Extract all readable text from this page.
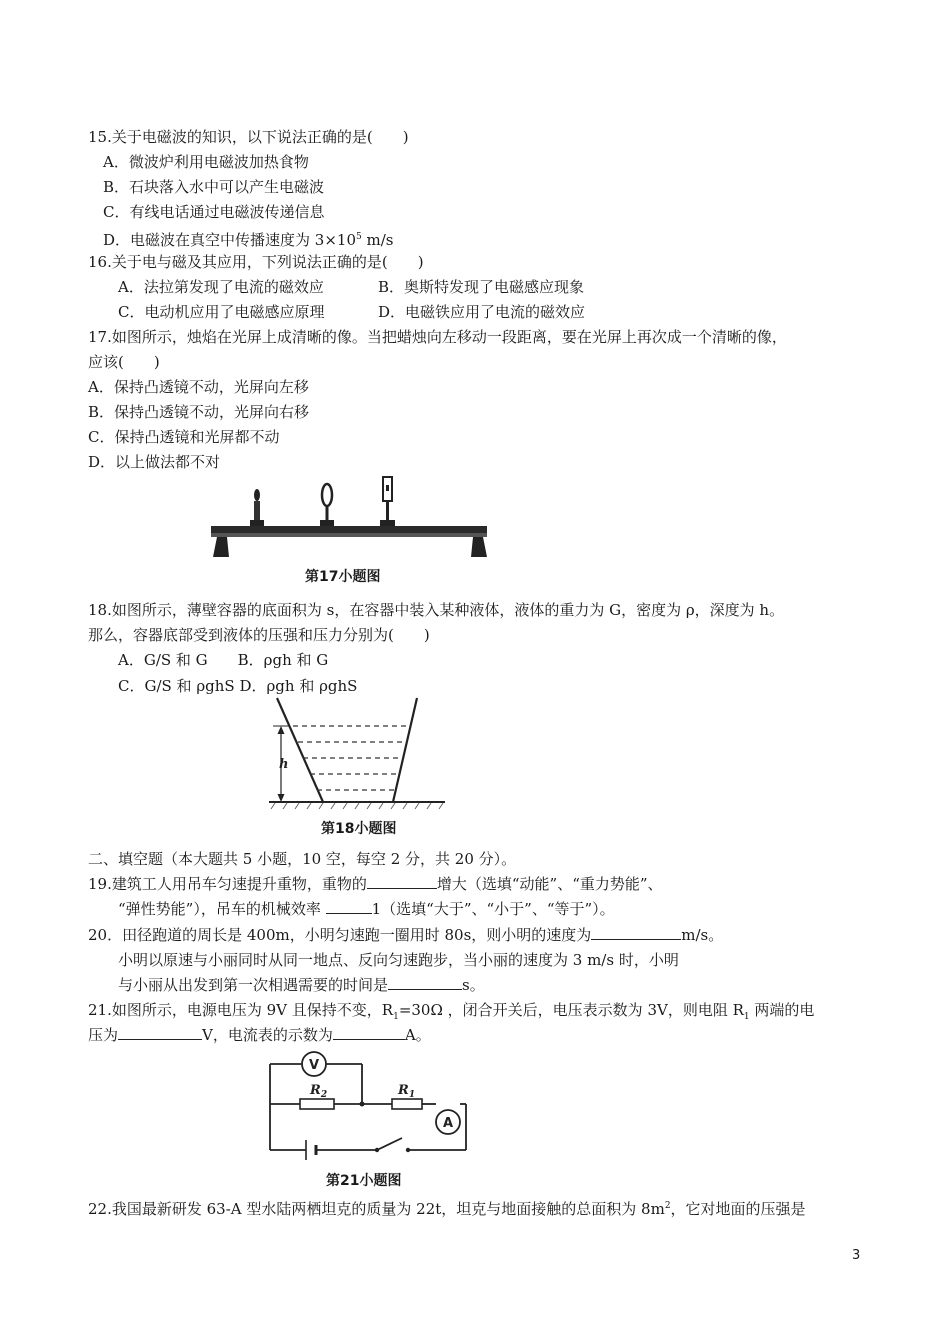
15.关于电磁波的知识，以下说法正确的是(　　)
A．微波炉利用电磁波加热食物
B．石块落入水中可以产生电磁波
C．有线电话通过电磁波传递信息
D．电磁波在真空中传播速度为 $3\times 10^5$ m/s
16.关于电与磁及其应用，下列说法正确的是(　　)
A．法拉第发现了电流的磁效应	B．奥斯特发现了电磁感应现象
C．电动机应用了电磁感应原理	D．电磁铁应用了电流的磁效应
17.如图所示，烛焰在光屏上成清晰的像。当把蜡烛向左移动一段距离，要在光屏上再次成一个清晰的像，
应该(　　)
A．保持凸透镜不动，光屏向左移
B．保持凸透镜不动，光屏向右移
C．保持凸透镜和光屏都不动
D．以上做法都不对
第17小题图
18.如图所示，薄壁容器的底面积为 s，在容器中装入某种液体，液体的重力为 G，密度为 ρ，深度为 h。
那么，容器底部受到液体的压强和压力分别为(　　)
A．G/S 和 G　　B．ρgh 和 G
C．G/S 和 ρghS D．ρgh 和 ρghS
h
第18小题图
二、填空题（本大题共 5 小题，10 空，每空 2 分，共 20 分）。
19.建筑工人用吊车匀速提升重物，重物的	增大（选填“动能”、“重力势能”、
“弹性势能”），吊车的机械效率	1（选填“大于”、“小于”、“等于”）。
20．田径跑道的周长是 400m，小明匀速跑一圈用时 80s，则小明的速度为	m/s。
小明以原速与小丽同时从同一地点、反向匀速跑步，当小丽的速度为 3 m/s 时，小明
与小丽从出发到第一次相遇需要的时间是	s。
21.如图所示，电源电压为 9V 且保持不变，$R_1=30\Omega$ ，闭合开关后，电压表示数为 3V，则电阻 $R_1$ 两端的电
压为	V，电流表的示数为	A。
V
$R_2$	$R_1$
A
第21小题图
22.我国最新研发 63-A 型水陆两栖坦克的质量为 22t，坦克与地面接触的总面积为 $8m^2$，它对地面的压强是
3
